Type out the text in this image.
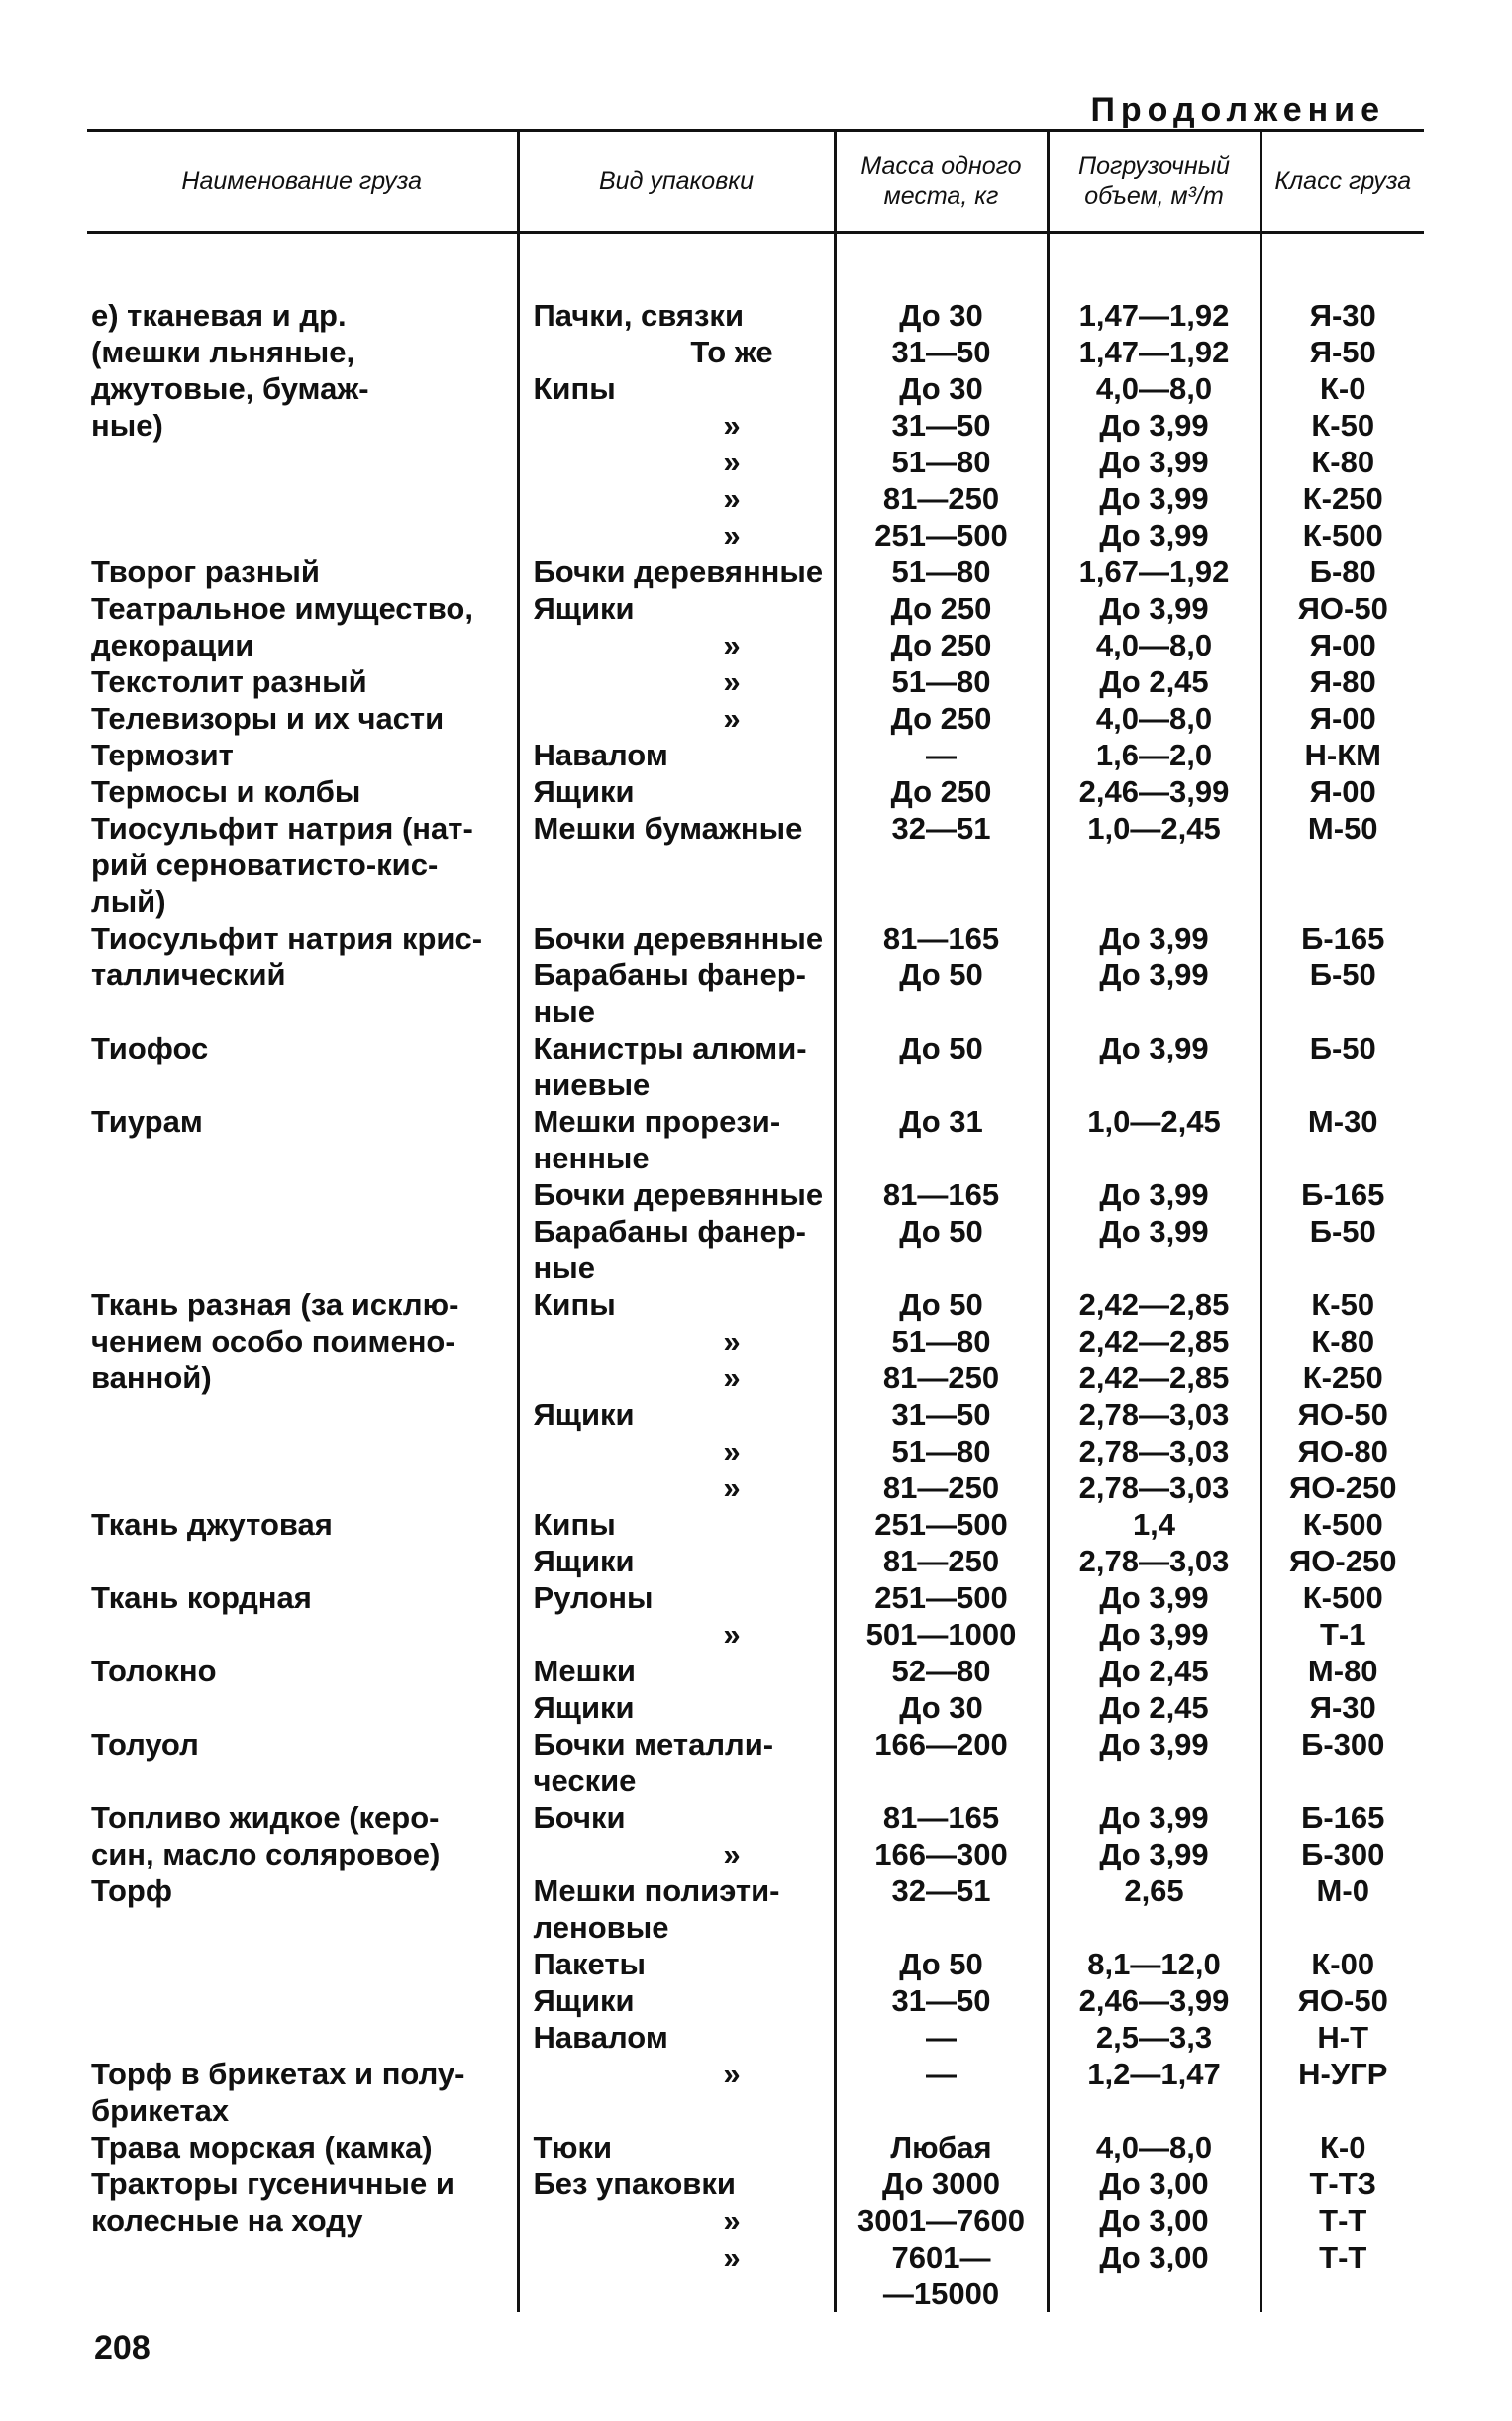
Продолжение
Наименование груза	Вид упаковки	Масса одного места, кг	Погрузочный объем, м³/т	Класс груза

е) тканевая и др.	Пачки, связки	До 30	1,47—1,92	Я-30
(мешки льняные,	То же	31—50	1,47—1,92	Я-50
джутовые, бумаж-	Кипы	До 30	4,0—8,0	К-0
ные)	»	31—50	До 3,99	К-50
	»	51—80	До 3,99	К-80
	»	81—250	До 3,99	К-250
	»	251—500	До 3,99	К-500
Творог разный	Бочки деревянные	51—80	1,67—1,92	Б-80
Театральное имущество,	Ящики	До 250	До 3,99	ЯО-50
декорации	»	До 250	4,0—8,0	Я-00
Текстолит разный	»	51—80	До 2,45	Я-80
Телевизоры и их части	»	До 250	4,0—8,0	Я-00
Термозит	Навалом	—	1,6—2,0	Н-КМ
Термосы и колбы	Ящики	До 250	2,46—3,99	Я-00
Тиосульфит натрия (нат-	Мешки бумажные	32—51	1,0—2,45	М-50
рий серноватисто-кис-				
лый)				
Тиосульфит натрия крис-	Бочки деревянные	81—165	До 3,99	Б-165
таллический	Барабаны фанер-	До 50	До 3,99	Б-50
	ные			
Тиофос	Канистры алюми-	До 50	До 3,99	Б-50
	ниевые			
Тиурам	Мешки прорези-	До 31	1,0—2,45	М-30
	ненные			
	Бочки деревянные	81—165	До 3,99	Б-165
	Барабаны фанер-	До 50	До 3,99	Б-50
	ные			
Ткань разная (за исклю-	Кипы	До 50	2,42—2,85	К-50
чением особо поимено-	»	51—80	2,42—2,85	К-80
ванной)	»	81—250	2,42—2,85	К-250
	Ящики	31—50	2,78—3,03	ЯО-50
	»	51—80	2,78—3,03	ЯО-80
	»	81—250	2,78—3,03	ЯО-250
Ткань джутовая	Кипы	251—500	1,4	К-500
	Ящики	81—250	2,78—3,03	ЯО-250
Ткань кордная	Рулоны	251—500	До 3,99	К-500
	»	501—1000	До 3,99	Т-1
Толокно	Мешки	52—80	До 2,45	М-80
	Ящики	До 30	До 2,45	Я-30
Толуол	Бочки металли-	166—200	До 3,99	Б-300
	ческие			
Топливо жидкое (керо-	Бочки	81—165	До 3,99	Б-165
син, масло соляровое)	»	166—300	До 3,99	Б-300
Торф	Мешки полиэти-	32—51	2,65	М-0
	леновые			
	Пакеты	До 50	8,1—12,0	К-00
	Ящики	31—50	2,46—3,99	ЯО-50
	Навалом	—	2,5—3,3	Н-Т
Торф в брикетах и полу-	»	—	1,2—1,47	Н-УГР
брикетах				
Трава морская (камка)	Тюки	Любая	4,0—8,0	К-0
Тракторы гусеничные и	Без упаковки	До 3000	До 3,00	Т-ТЗ
колесные на ходу	»	3001—7600	До 3,00	Т-Т
	»	7601—	До 3,00	Т-Т
		—15000		
208
